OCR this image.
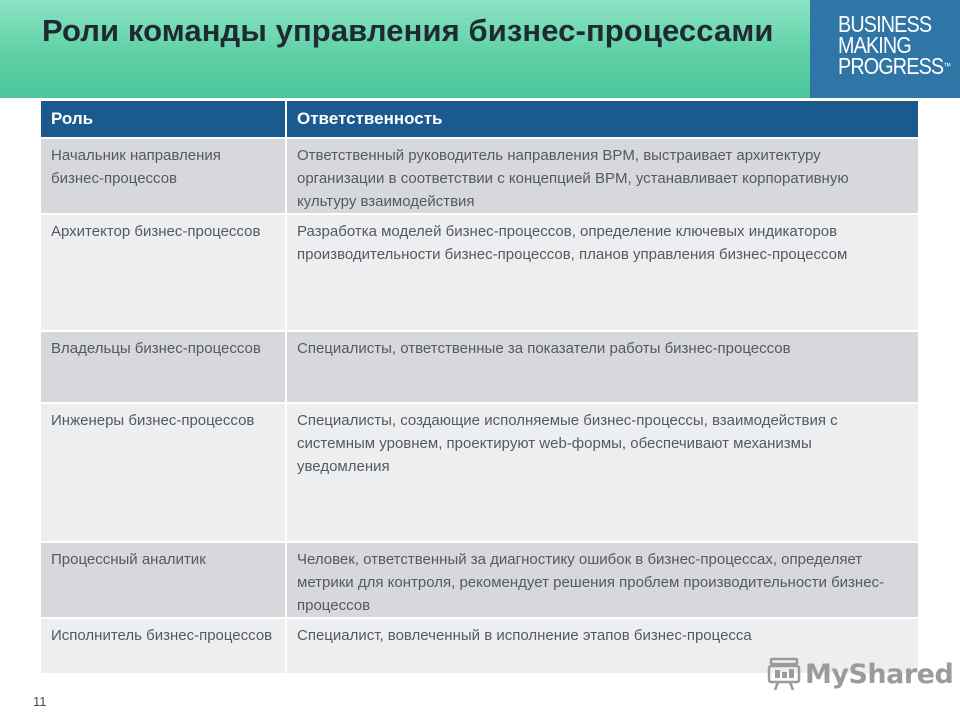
Роли команды управления бизнес-процессами	BUSINESS
MAKING
PROGRESS™
Роль	Ответственность
Начальник направления бизнес-процессов	Ответственный руководитель направления BPM, выстраивает архитектуру организации в соответствии с концепцией BPM, устанавливает корпоративную культуру взаимодействия
Архитектор бизнес-процессов	Разработка моделей бизнес-процессов, определение ключевых индикаторов производительности бизнес-процессов, планов управления бизнес-процессом
Владельцы бизнес-процессов	Специалисты, ответственные за показатели работы бизнес-процессов
Инженеры бизнес-процессов	Специалисты, создающие исполняемые бизнес-процессы, взаимодействия с системным уровнем, проектируют web-формы, обеспечивают механизмы уведомления
Процессный аналитик	Человек, ответственный за диагностику ошибок в бизнес-процессах, определяет метрики для контроля, рекомендует решения проблем производительности бизнес-процессов
Исполнитель бизнес-процессов	Специалист, вовлеченный в исполнение этапов бизнес-процесса
11
MyShared
